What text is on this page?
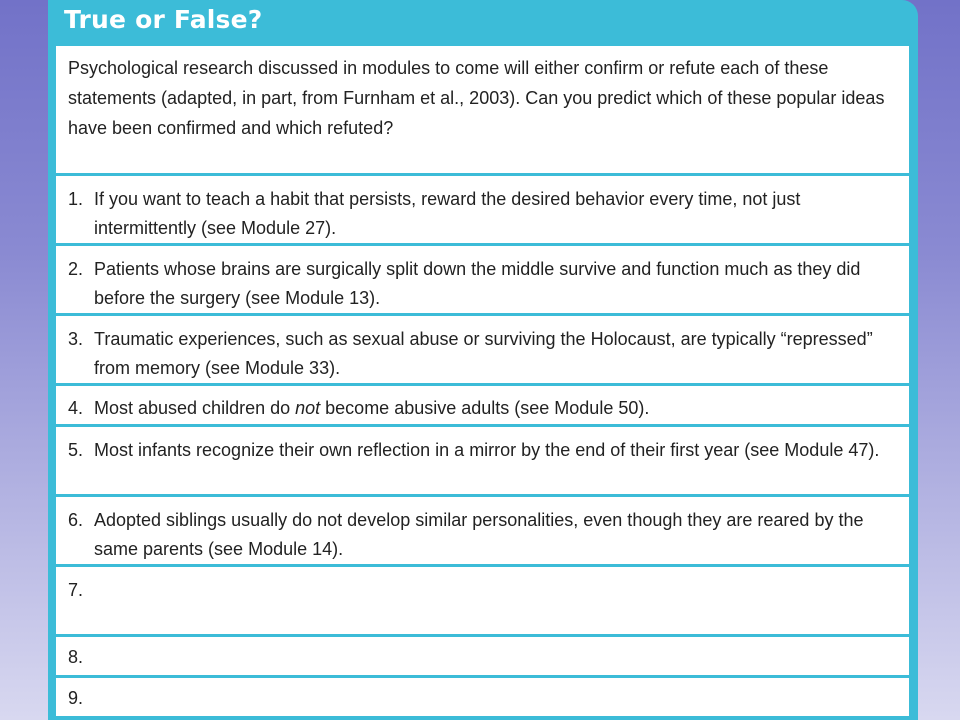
True or False?
Psychological research discussed in modules to come will either confirm or refute each of these statements (adapted, in part, from Furnham et al., 2003). Can you predict which of these popular ideas have been confirmed and which refuted?
1. If you want to teach a habit that persists, reward the desired behavior every time, not just intermittently (see Module 27).
2. Patients whose brains are surgically split down the middle survive and function much as they did before the surgery (see Module 13).
3. Traumatic experiences, such as sexual abuse or surviving the Holocaust, are typically “repressed” from memory (see Module 33).
4. Most abused children do not become abusive adults (see Module 50).
5. Most infants recognize their own reflection in a mirror by the end of their first year (see Module 47).
6. Adopted siblings usually do not develop similar personalities, even though they are reared by the same parents (see Module 14).
7.
8.
9.
